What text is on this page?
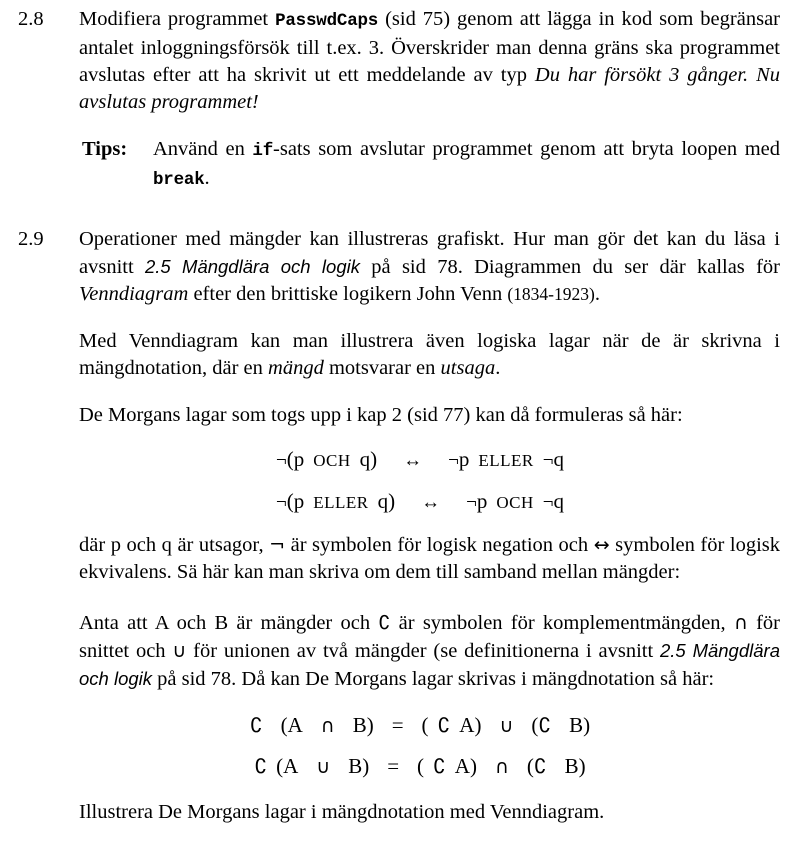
2.8	Modifiera programmet PasswdCaps (sid 75) genom att lägga in kod som begränsar antalet inloggningsförsök till t.ex. 3. Överskrider man denna gräns ska programmet avslutas efter att ha skrivit ut ett meddelande av typ Du har försökt 3 gånger. Nu avslutas programmet!

Tips: Använd en if-sats som avslutar programmet genom att bryta loopen med break.
2.9	Operationer med mängder kan illustreras grafiskt. Hur man gör det kan du läsa i avsnitt 2.5 Mängdlära och logik på sid 78. Diagrammen du ser där kallas för Venndiagram efter den brittiske logikern John Venn (1834-1923).

Med Venndiagram kan man illustrera även logiska lagar när de är skrivna i mängdnotation, där en mängd motsvarar en utsaga.

De Morgans lagar som togs upp i kap 2 (sid 77) kan då formuleras så här:

¬(p OCH q) ↔ ¬p ELLER ¬q

¬(p ELLER q) ↔ ¬p OCH ¬q

där p och q är utsagor, ¬ är symbolen för logisk negation och ↔ symbolen för logisk ekvivalens. Sä här kan man skriva om dem till samband mellan mängder:

Anta att A och B är mängder och ∁ är symbolen för komplementmängden, ∩ för snittet och ∪ för unionen av två mängder (se definitionerna i avsnitt 2.5 Mängdlära och logik på sid 78. Då kan De Morgans lagar skrivas i mängdnotation så här:

∁ (A ∩ B) = ( ∁ A) ∪ (∁ B)

∁ (A ∪ B) = ( ∁ A) ∩ (∁ B)

Illustrera De Morgans lagar i mängdnotation med Venndiagram.
